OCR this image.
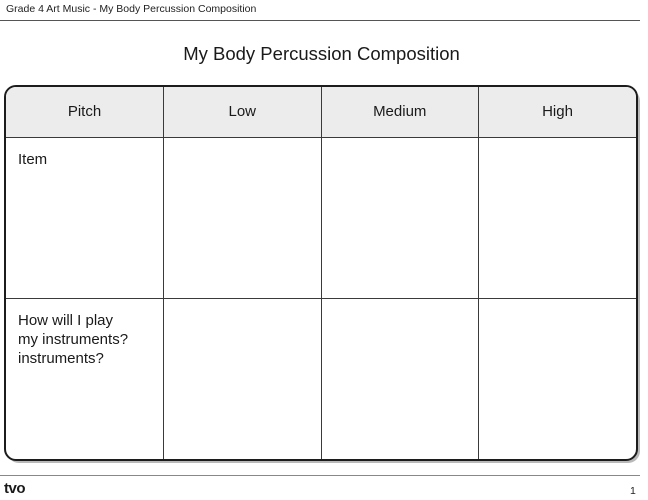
Grade 4 Art Music - My Body Percussion Composition
My Body Percussion Composition
Pitch	Low	Medium	High

Item			

How will I play
my instruments?
instruments?			

tvo	1
